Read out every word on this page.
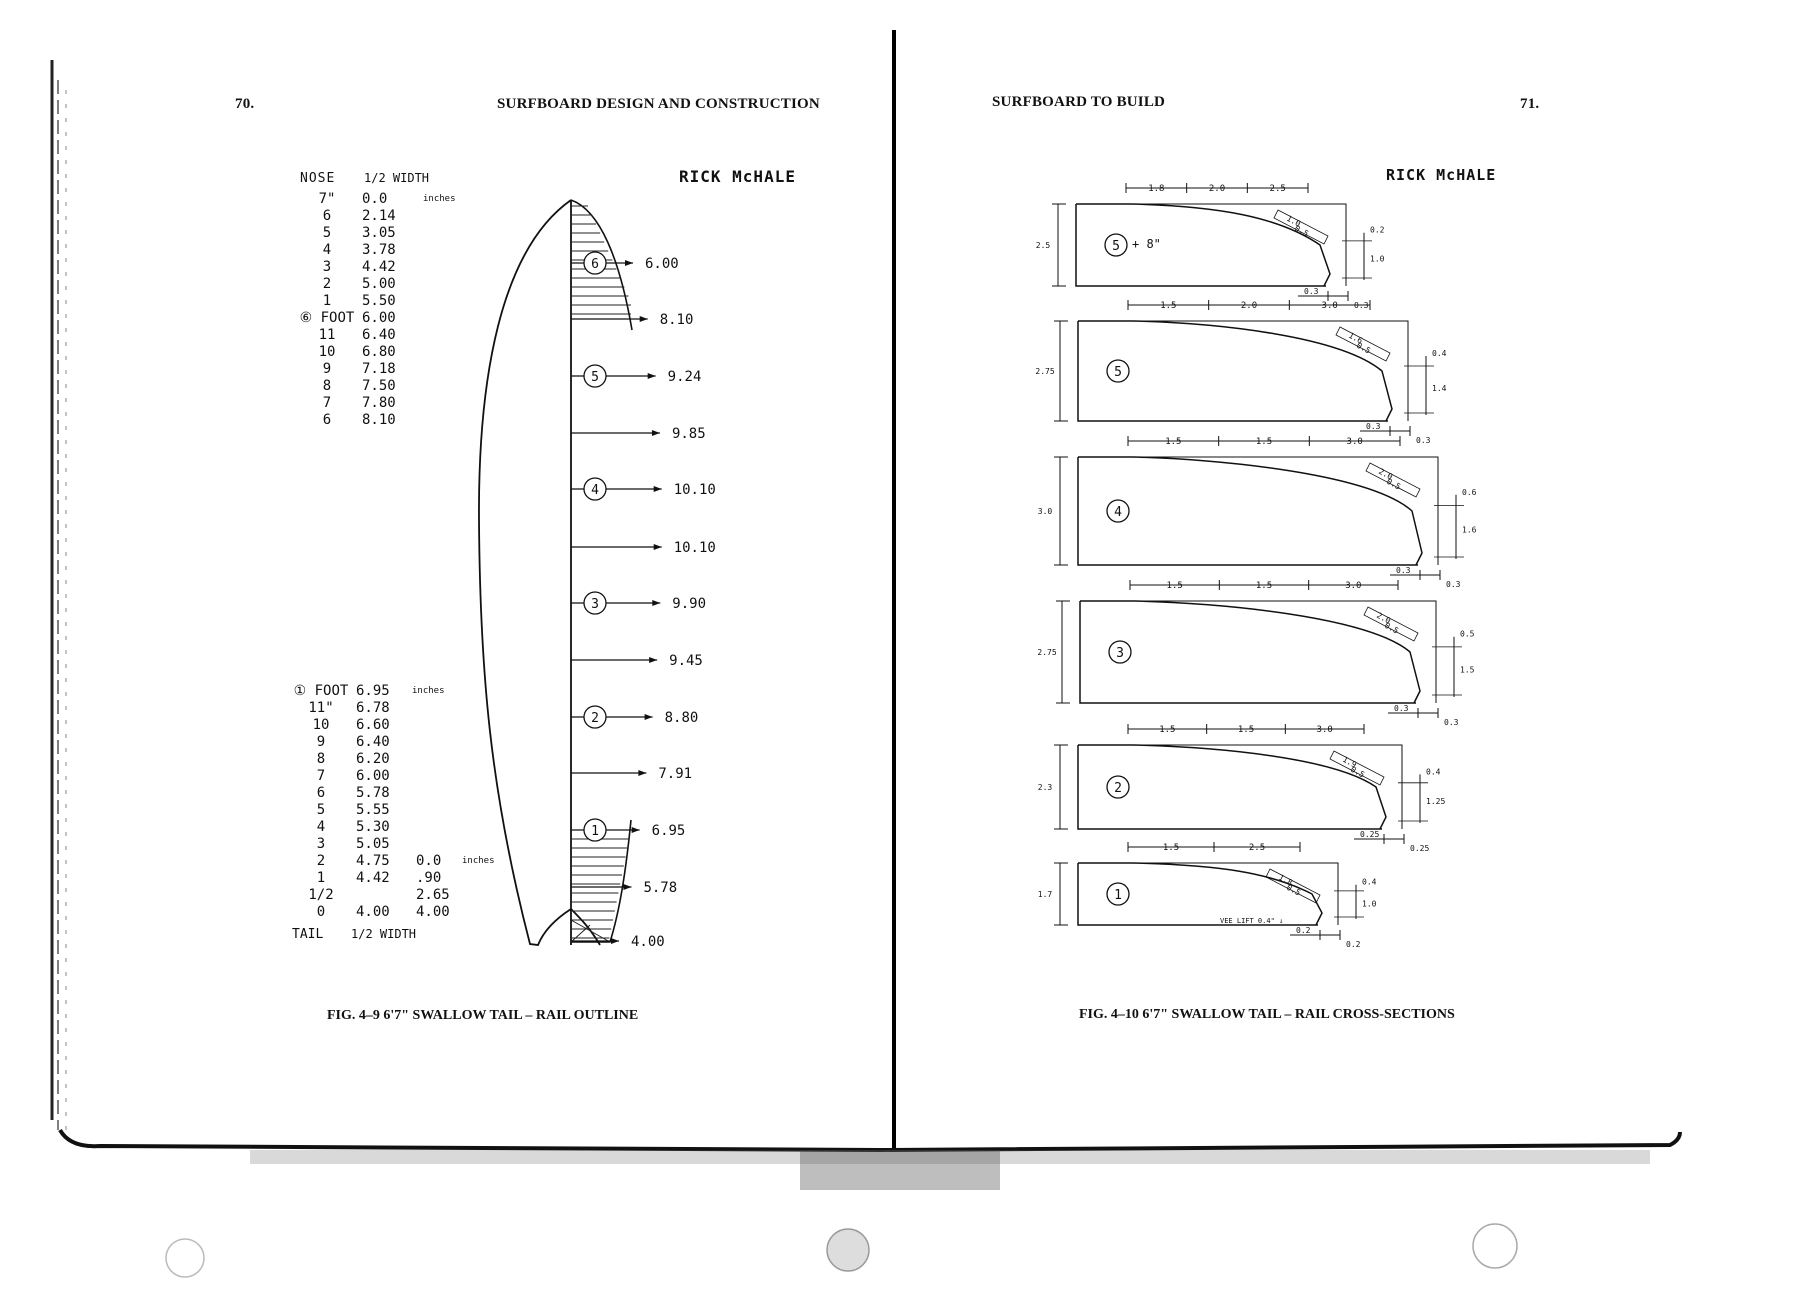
70.	SURFBOARD DESIGN AND CONSTRUCTION
RICK McHALE
NOSE 1/2 WIDTH
inches
7"	0.0
6	2.14
5	3.05
4	3.78
3	4.42
2	5.00
1	5.50
⑥ FOOT	6.00
11	6.40
10	6.80
9	7.18
8	7.50
7	7.80
6	8.10
① FOOT	6.95	
11"	6.78	
10	6.60	
9	6.40	
8	6.20	
7	6.00	
6	5.78	
5	5.55	
4	5.30	
3	5.05	
2	4.75	0.0
1	4.42	.90
1/2		2.65
0	4.00	4.00
inches
inches
TAIL 1/2 WIDTH
6.00
6
8.10
9.24
5
9.85
10.10
4
10.10
9.90
3
9.45
8.80
2
7.91
6.95
1
5.78
4.00
FIG. 4–9 6'7" SWALLOW TAIL – RAIL OUTLINE
SURFBOARD TO BUILD	71.
RICK McHALE
2.5
1.8	2.0	2.5
1.0
0.5	0.2
1.0
0.3
0.3
5 + 8"
2.75
1.5	2.0	3.0
1.6
0.5	0.4
1.4
0.3
0.3
5
3.0
1.5	1.5	3.0
2.0
0.5
0.6
1.6
0.3
0.3
4
2.75
1.5	1.5	3.0
2.0
0.5	0.5
1.5
0.3
0.3
3
2.3
1.5	1.5	3.0
1.9
0.5	0.4
1.25
0.25
0.25
2
1.7
1.5	2.5
1.8
0.5
0.4
1.0
0.2
0.2
1
VEE LIFT 0.4" ↓
FIG. 4–10 6'7" SWALLOW TAIL – RAIL CROSS-SECTIONS
